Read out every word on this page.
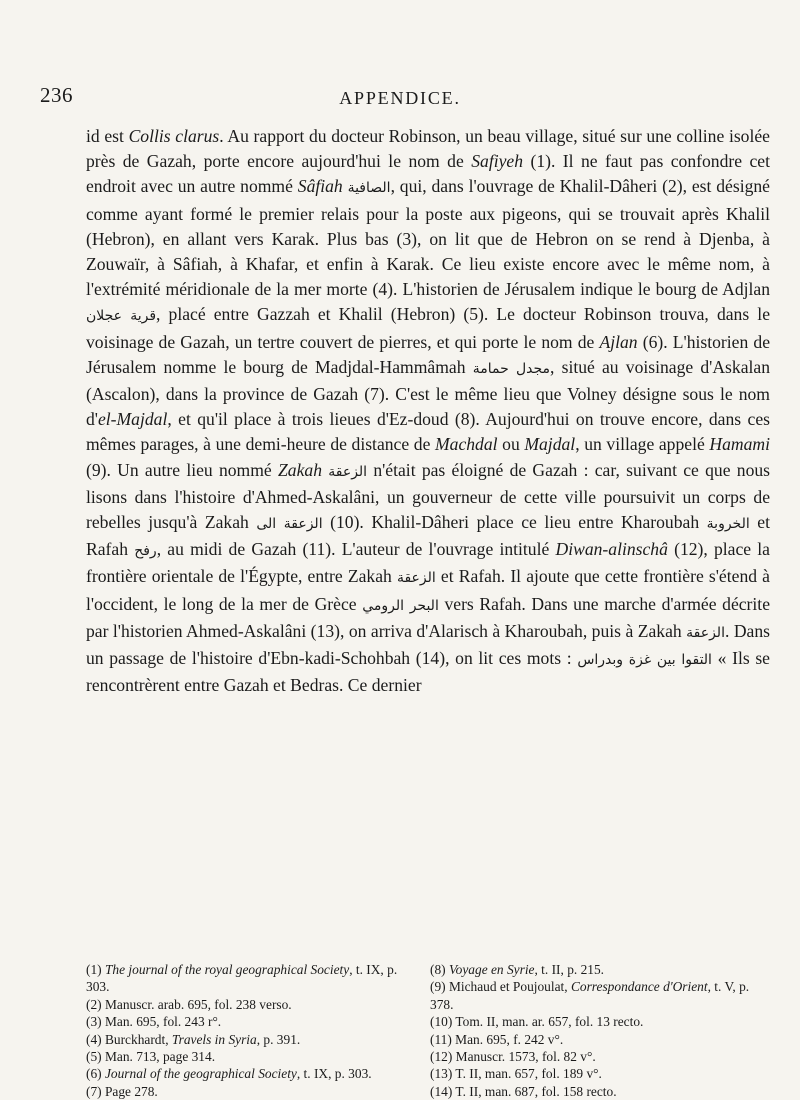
236	APPENDICE.

id est Collis clarus. Au rapport du docteur Robinson, un beau village, situé sur une colline isolée près de Gazah, porte encore aujourd'hui le nom de Safiyeh (1). Il ne faut pas confondre cet endroit avec un autre nommé Sâfiah الصافية, qui, dans l'ouvrage de Khalil-Dâheri (2), est désigné comme ayant formé le premier relais pour la poste aux pigeons, qui se trouvait après Khalil (Hebron), en allant vers Karak. Plus bas (3), on lit que de Hebron on se rend à Djenba, à Zouwaïr, à Sâfiah, à Khafar, et enfin à Karak. Ce lieu existe encore avec le même nom, à l'extrémité méridionale de la mer morte (4). L'historien de Jérusalem indique le bourg de Adjlan قرية عجلان, placé entre Gazzah et Khalil (Hebron) (5). Le docteur Robinson trouva, dans le voisinage de Gazah, un tertre couvert de pierres, et qui porte le nom de Ajlan (6). L'historien de Jérusalem nomme le bourg de Madjdal-Hammâmah مجدل حمامة, situé au voisinage d'Askalan (Ascalon), dans la province de Gazah (7). C'est le même lieu que Volney désigne sous le nom d'el-Majdal, et qu'il place à trois lieues d'Ez-doud (8). Aujourd'hui on trouve encore, dans ces mêmes parages, à une demi-heure de distance de Machdal ou Majdal, un village appelé Hamami (9). Un autre lieu nommé Zakah الزعقة n'était pas éloigné de Gazah : car, suivant ce que nous lisons dans l'histoire d'Ahmed-Askalâni, un gouverneur de cette ville poursuivit un corps de rebelles jusqu'à Zakah الزعقة الى (10). Khalil-Dâheri place ce lieu entre Kharoubah الخروبة et Rafah رفح, au midi de Gazah (11). L'auteur de l'ouvrage intitulé Diwan-alinschâ (12), place la frontière orientale de l'Égypte, entre Zakah الزعقة et Rafah. Il ajoute que cette frontière s'étend à l'occident, le long de la mer de Grèce البحر الرومي vers Rafah. Dans une marche d'armée décrite par l'historien Ahmed-Askalâni (13), on arriva d'Alarisch à Kharoubah, puis à Zakah الزعقة. Dans un passage de l'histoire d'Ebn-kadi-Schohbah (14), on lit ces mots : التقوا بين غزة وبدراس « Ils se rencontrèrent entre Gazah et Bedras. Ce dernier

(1) The journal of the royal geographical Society, t. IX, p. 303.

(2) Manuscr. arab. 695, fol. 238 verso.

(3) Man. 695, fol. 243 r°.

(4) Burckhardt, Travels in Syria, p. 391.

(5) Man. 713, page 314.

(6) Journal of the geographical Society, t. IX, p. 303.

(7) Page 278.

(8) Voyage en Syrie, t. II, p. 215.

(9) Michaud et Poujoulat, Correspondance d'Orient, t. V, p. 378.

(10) Tom. II, man. ar. 657, fol. 13 recto.

(11) Man. 695, f. 242 v°.

(12) Manuscr. 1573, fol. 82 v°.

(13) T. II, man. 657, fol. 189 v°.

(14) T. II, man. 687, fol. 158 recto.
